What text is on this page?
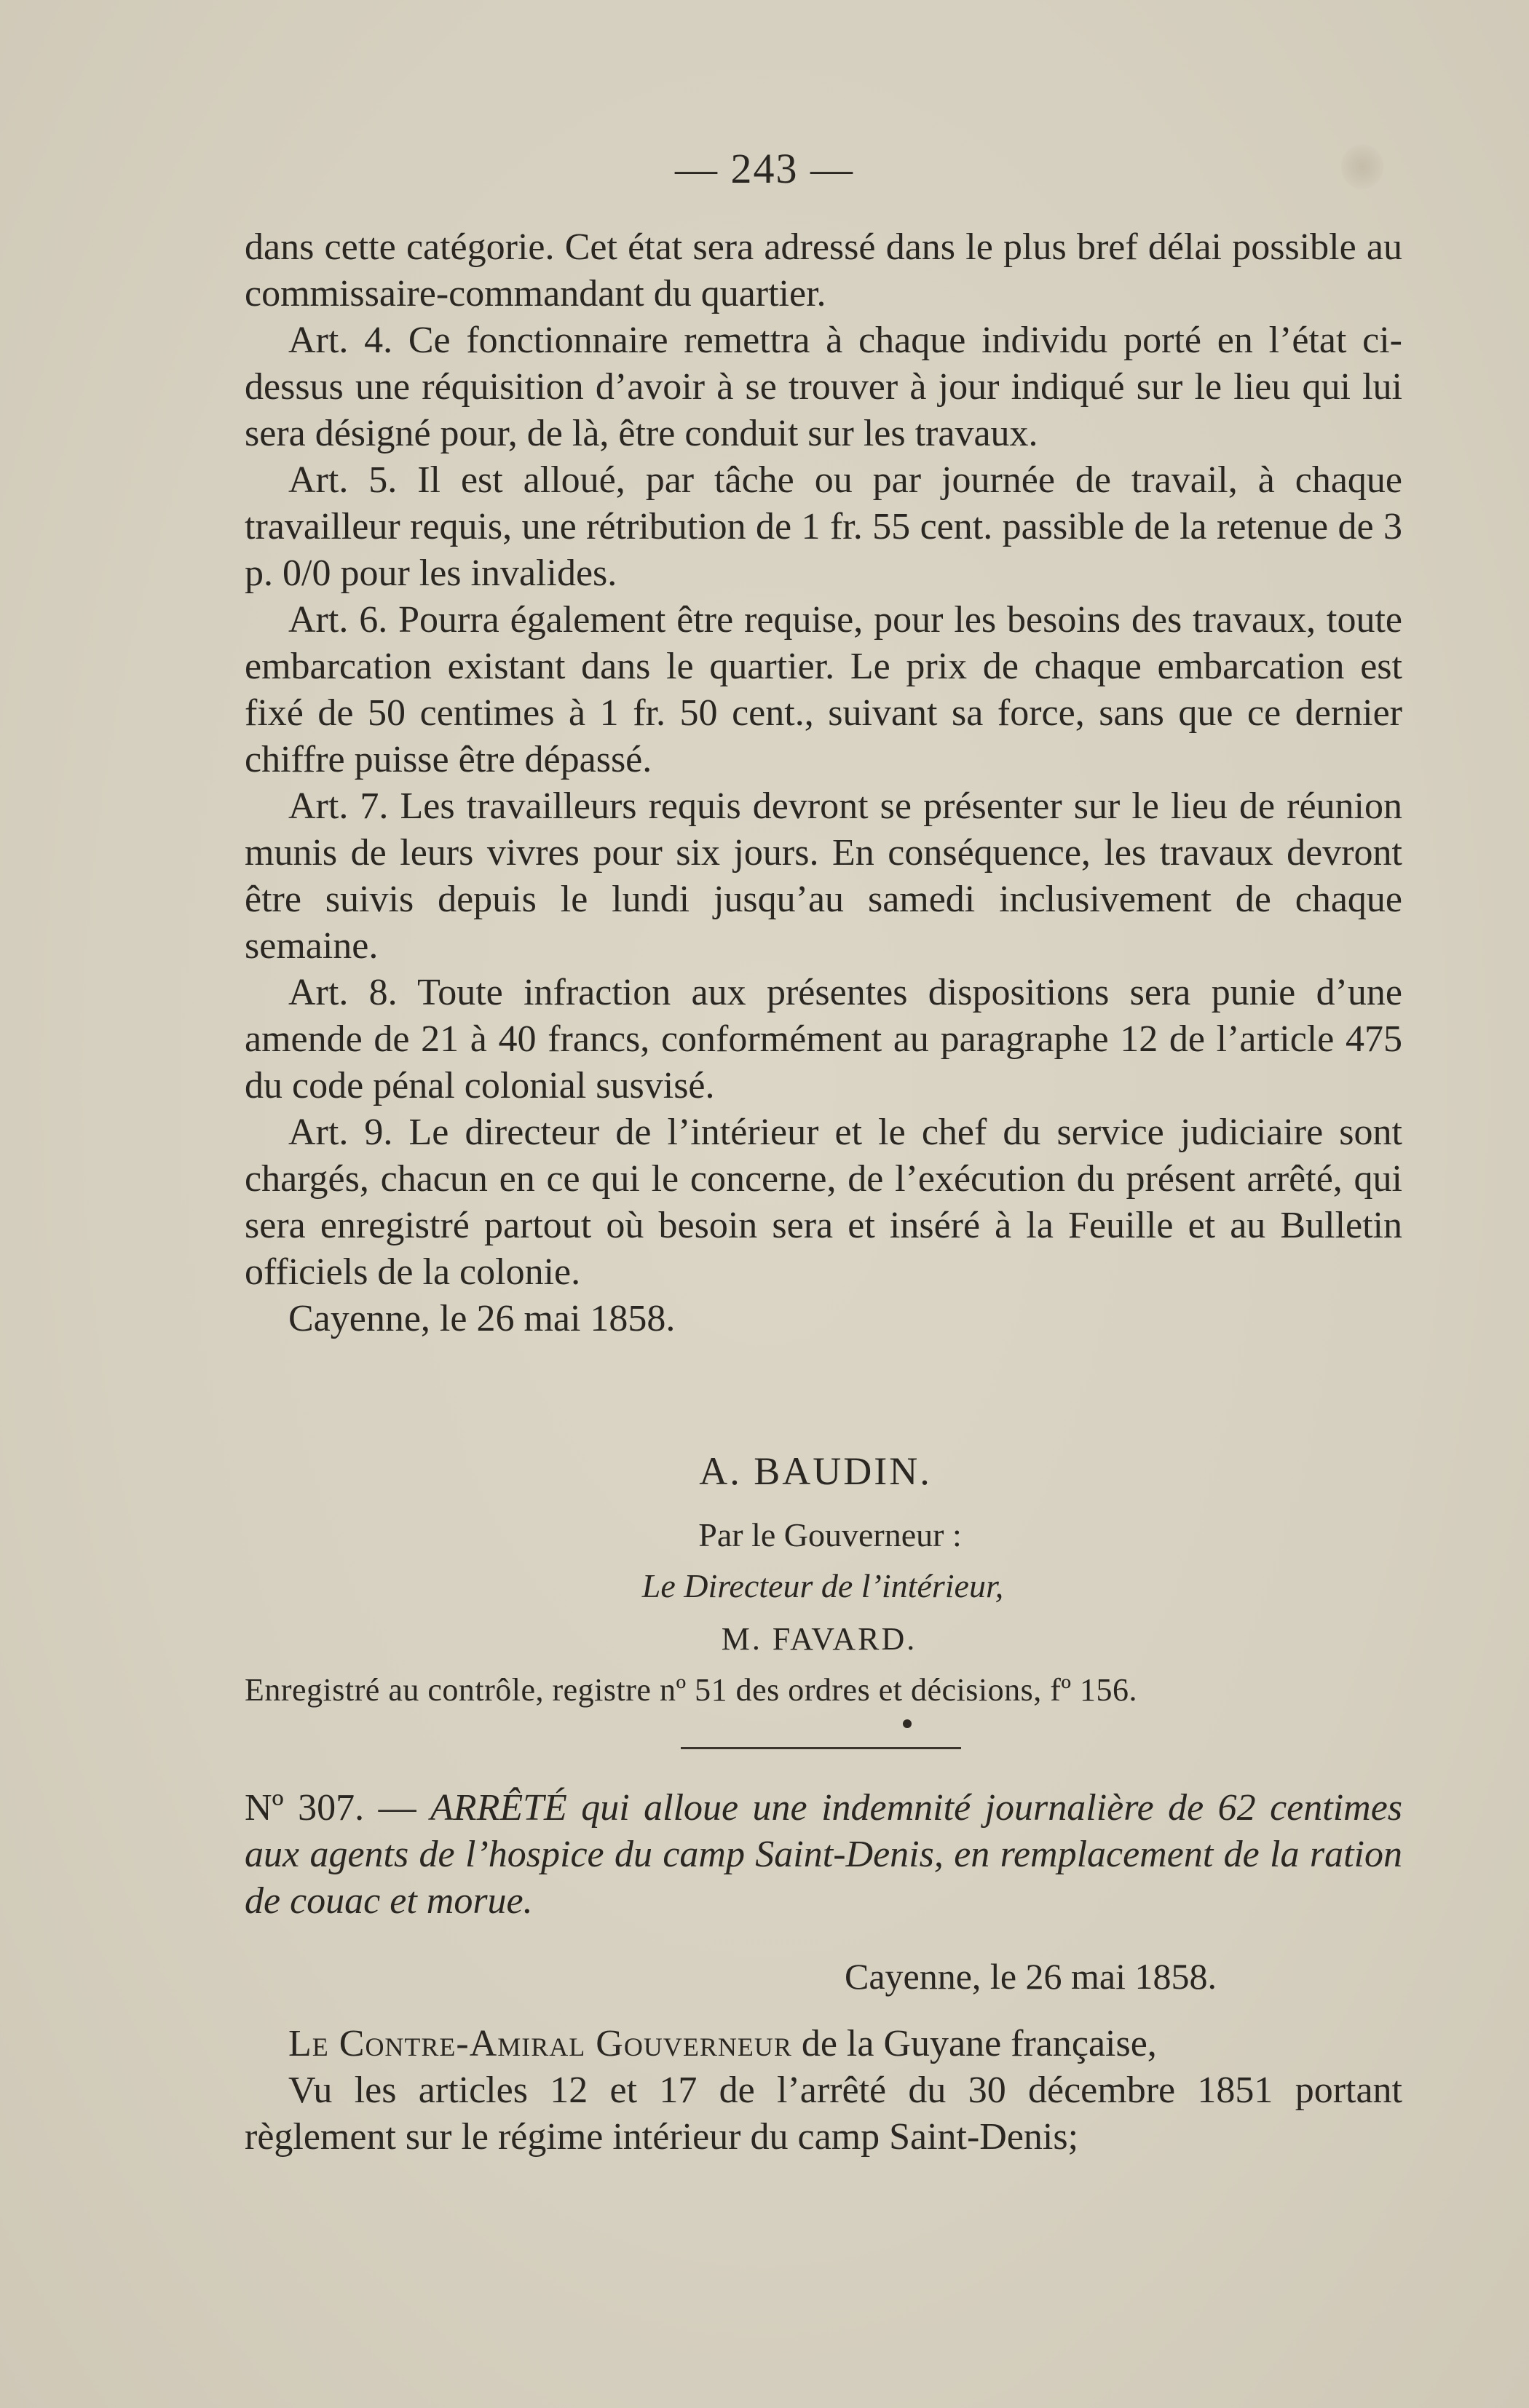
— 243 —

dans cette catégorie. Cet état sera adressé dans le plus bref délai possible au commissaire-commandant du quartier.

Art. 4. Ce fonctionnaire remettra à chaque individu porté en l’état ci-dessus une réquisition d’avoir à se trouver à jour indiqué sur le lieu qui lui sera désigné pour, de là, être conduit sur les travaux.

Art. 5. Il est alloué, par tâche ou par journée de travail, à chaque travailleur requis, une rétribution de 1 fr. 55 cent. passible de la retenue de 3 p. 0/0 pour les invalides.

Art. 6. Pourra également être requise, pour les besoins des travaux, toute embarcation existant dans le quartier. Le prix de chaque embarcation est fixé de 50 centimes à 1 fr. 50 cent., suivant sa force, sans que ce dernier chiffre puisse être dépassé.

Art. 7. Les travailleurs requis devront se présenter sur le lieu de réunion munis de leurs vivres pour six jours. En conséquence, les travaux devront être suivis depuis le lundi jusqu’au samedi inclusivement de chaque semaine.

Art. 8. Toute infraction aux présentes dispositions sera punie d’une amende de 21 à 40 francs, conformément au paragraphe 12 de l’article 475 du code pénal colonial susvisé.

Art. 9. Le directeur de l’intérieur et le chef du service judiciaire sont chargés, chacun en ce qui le concerne, de l’exécution du présent arrêté, qui sera enregistré partout où besoin sera et inséré à la Feuille et au Bulletin officiels de la colonie.

Cayenne, le 26 mai 1858.

A. BAUDIN.
Par le Gouverneur :
Le Directeur de l’intérieur,
M. FAVARD.
Enregistré au contrôle, registre nº 51 des ordres et décisions, fº 156.

Nº 307. — ARRÊTÉ qui alloue une indemnité journalière de 62 centimes aux agents de l’hospice du camp Saint-Denis, en remplacement de la ration de couac et morue.

Cayenne, le 26 mai 1858.

Le Contre-Amiral Gouverneur de la Guyane française,

Vu les articles 12 et 17 de l’arrêté du 30 décembre 1851 portant règlement sur le régime intérieur du camp Saint-Denis;
